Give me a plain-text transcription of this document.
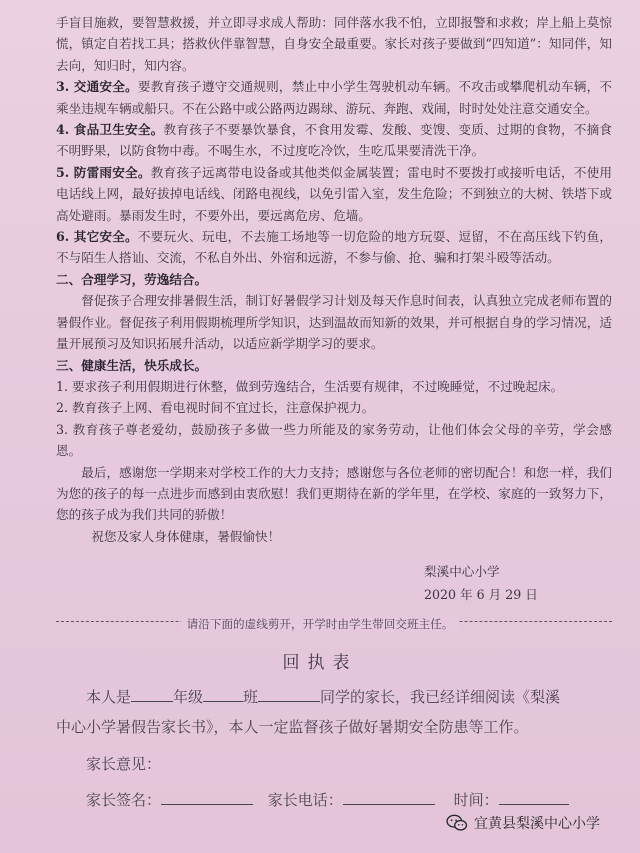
手盲目施救，要智慧救援，并立即寻求成人帮助：同伴落水我不怕，立即报警和求救；岸上船上莫惊慌，镇定自若找工具；搭救伙伴靠智慧，自身安全最重要。家长对孩子要做到“四知道”：知同伴，知去向，知归时，知内容。

3. 交通安全。要教育孩子遵守交通规则，禁止中小学生驾驶机动车辆。不攻击或攀爬机动车辆，不乘坐违规车辆或船只。不在公路中或公路两边踢球、游玩、奔跑、戏闹，时时处处注意交通安全。

4. 食品卫生安全。教育孩子不要暴饮暴食，不食用发霉、发酸、变馊、变质、过期的食物，不摘食不明野果，以防食物中毒。不喝生水，不过度吃冷饮，生吃瓜果要清洗干净。

5. 防雷雨安全。教育孩子远离带电设备或其他类似金属装置；雷电时不要拨打或接听电话，不使用电话线上网，最好拔掉电话线、闭路电视线，以免引雷入室，发生危险；不到独立的大树、铁塔下或高处避雨。暴雨发生时，不要外出，要远离危房、危墙。

6. 其它安全。不要玩火、玩电，不去施工场地等一切危险的地方玩耍、逗留，不在高压线下钓鱼，不与陌生人搭讪、交流，不私自外出、外宿和远游，不参与偷、抢、骗和打架斗殴等活动。

二、合理学习，劳逸结合。

督促孩子合理安排暑假生活，制订好暑假学习计划及每天作息时间表，认真独立完成老师布置的暑假作业。督促孩子利用假期梳理所学知识，达到温故而知新的效果，并可根据自身的学习情况，适量开展预习及知识拓展升活动，以适应新学期学习的要求。

三、健康生活，快乐成长。

1. 要求孩子利用假期进行休整，做到劳逸结合，生活要有规律，不过晚睡觉，不过晚起床。

2. 教育孩子上网、看电视时间不宜过长，注意保护视力。

3. 教育孩子尊老爱幼，鼓励孩子多做一些力所能及的家务劳动，让他们体会父母的辛劳，学会感恩。

最后，感谢您一学期来对学校工作的大力支持；感谢您与各位老师的密切配合！和您一样，我们为您的孩子的每一点进步而感到由衷欣慰！我们更期待在新的学年里，在学校、家庭的一致努力下，您的孩子成为我们共同的骄傲！

祝您及家人身体健康，暑假愉快！

梨溪中心小学
2020 年 6 月 29 日
请沿下面的虚线剪开，开学时由学生带回交班主任。
回执表
本人是	年级	班	同学的家长，我已经详细阅读《梨溪
中心小学暑假告家长书》，本人一定监督孩子做好暑期安全防患等工作。
家长意见：
家长签名：	家长电话：	时间：
宜黄县梨溪中心小学
